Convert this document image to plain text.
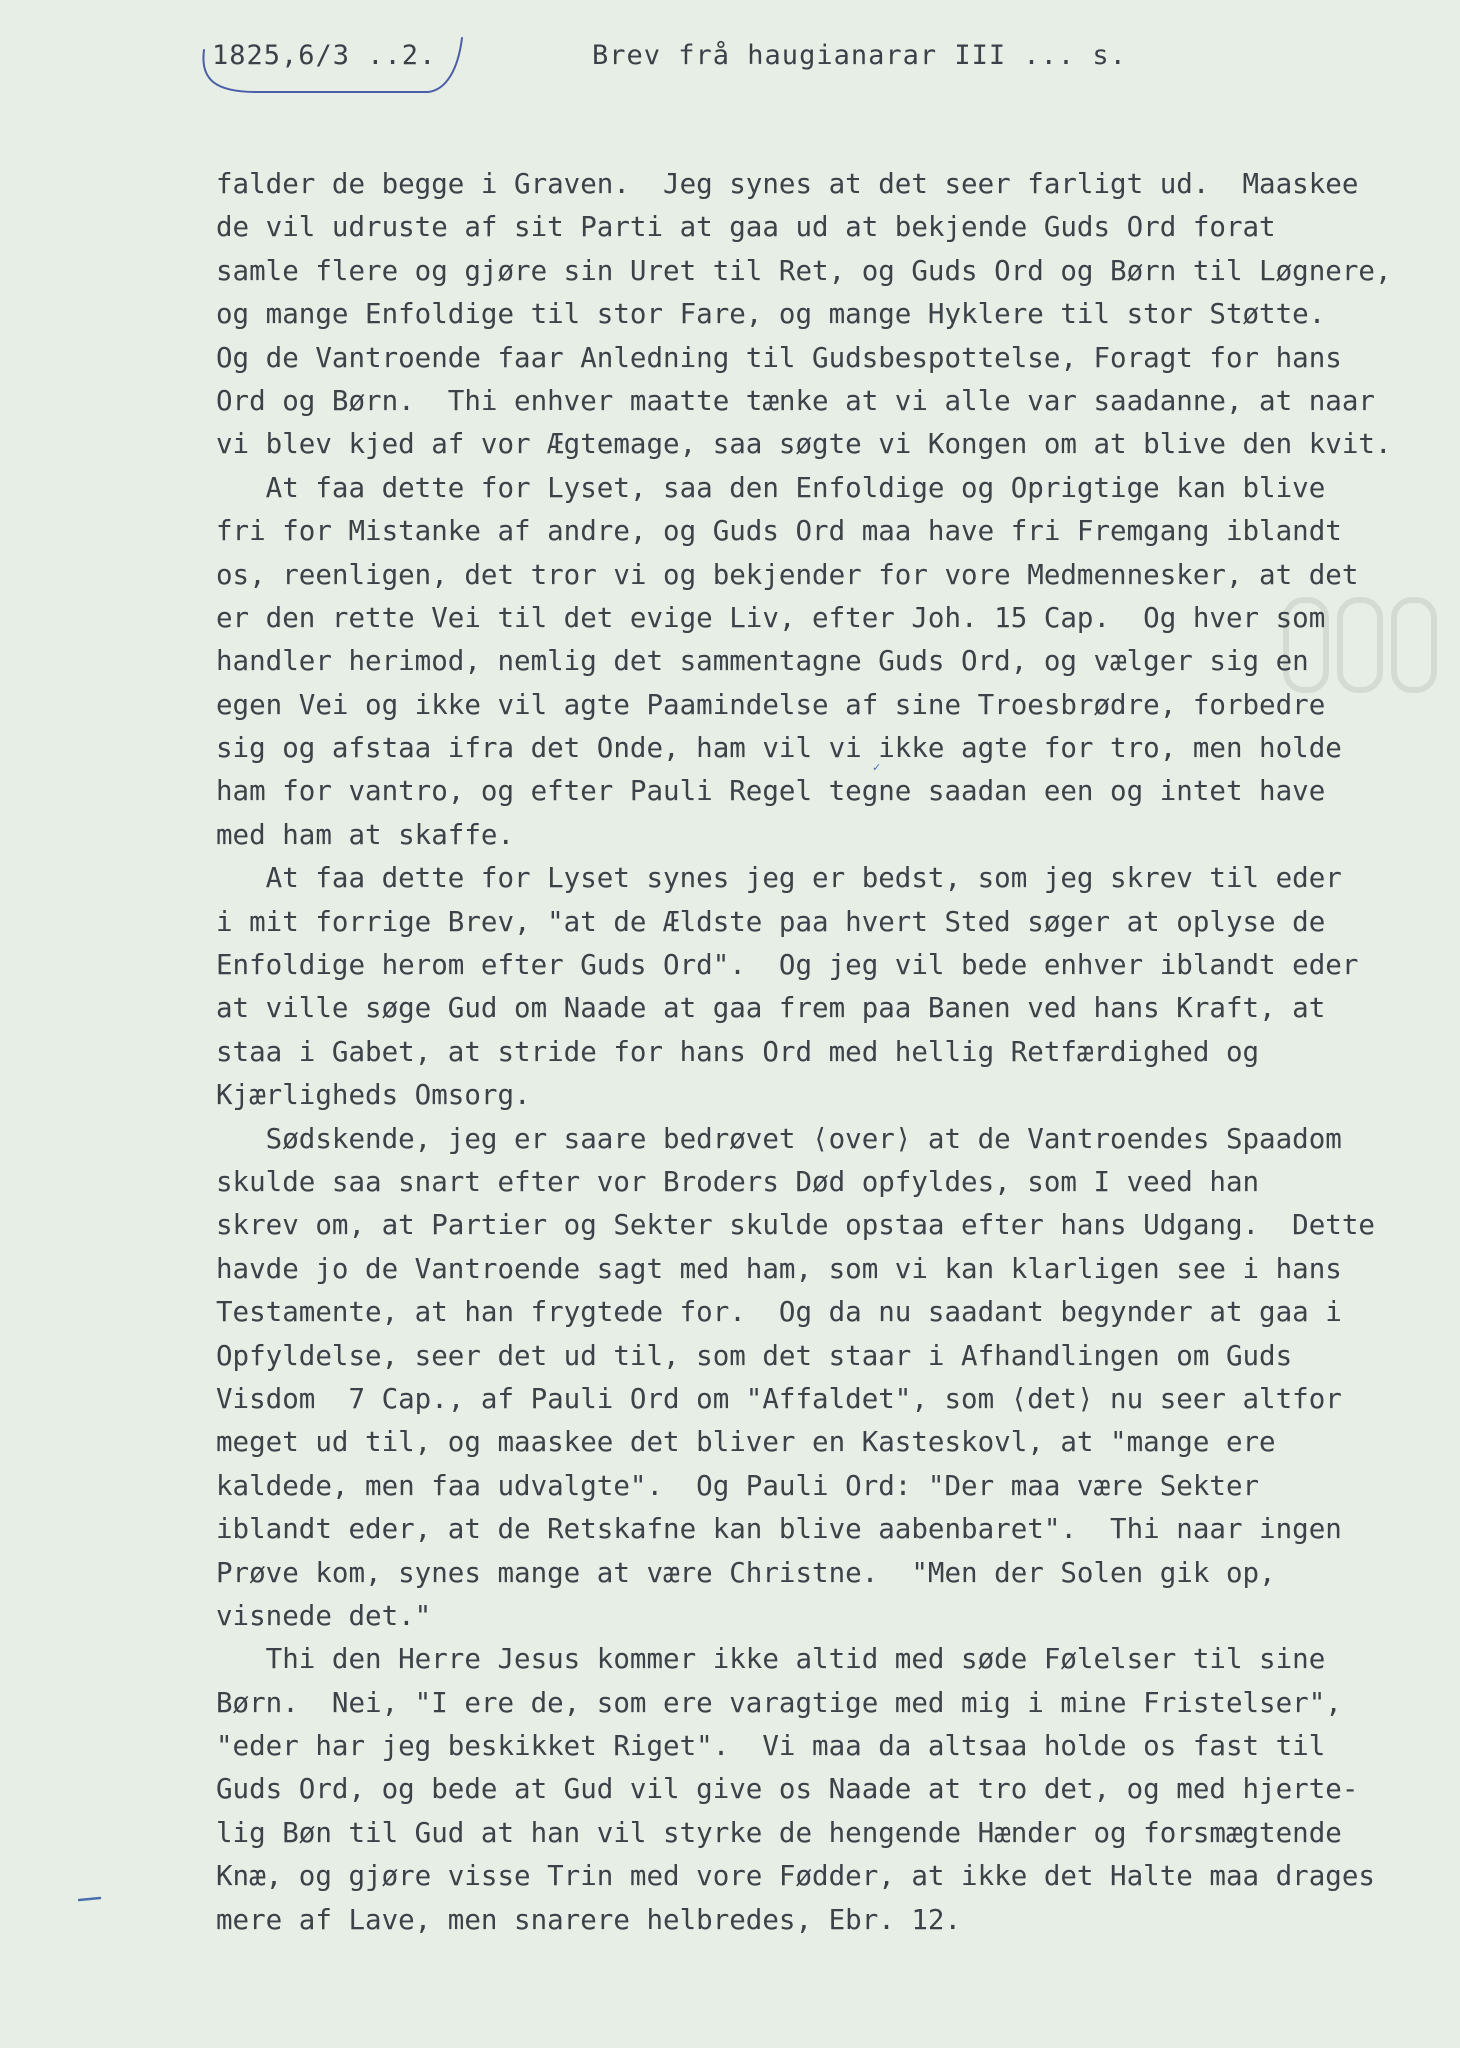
1825,6/3 ..2.	Brev frå haugianarar III ... s.
falder de begge i Graven.  Jeg synes at det seer farligt ud.  Maaskee
de vil udruste af sit Parti at gaa ud at bekjende Guds Ord forat
samle flere og gjøre sin Uret til Ret, og Guds Ord og Børn til Løgnere,
og mange Enfoldige til stor Fare, og mange Hyklere til stor Støtte.
Og de Vantroende faar Anledning til Gudsbespottelse, Foragt for hans
Ord og Børn.  Thi enhver maatte tænke at vi alle var saadanne, at naar
vi blev kjed af vor Ægtemage, saa søgte vi Kongen om at blive den kvit.
At faa dette for Lyset, saa den Enfoldige og Oprigtige kan blive
fri for Mistanke af andre, og Guds Ord maa have fri Fremgang iblandt
os, reenligen, det tror vi og bekjender for vore Medmennesker, at det
er den rette Vei til det evige Liv, efter Joh. 15 Cap.  Og hver som
handler herimod, nemlig det sammentagne Guds Ord, og vælger sig en
egen Vei og ikke vil agte Paamindelse af sine Troesbrødre, forbedre
sig og afstaa ifra det Onde, ham vil vi ikke agte for tro, men holde
ham for vantro, og efter Pauli Regel tegne saadan een og intet have
med ham at skaffe.
At faa dette for Lyset synes jeg er bedst, som jeg skrev til eder
i mit forrige Brev, "at de Ældste paa hvert Sted søger at oplyse de
Enfoldige herom efter Guds Ord".  Og jeg vil bede enhver iblandt eder
at ville søge Gud om Naade at gaa frem paa Banen ved hans Kraft, at
staa i Gabet, at stride for hans Ord med hellig Retfærdighed og
Kjærligheds Omsorg.
Sødskende, jeg er saare bedrøvet ⟨over⟩ at de Vantroendes Spaadom
skulde saa snart efter vor Broders Død opfyldes, som I veed han
skrev om, at Partier og Sekter skulde opstaa efter hans Udgang.  Dette
havde jo de Vantroende sagt med ham, som vi kan klarligen see i hans
Testamente, at han frygtede for.  Og da nu saadant begynder at gaa i
Opfyldelse, seer det ud til, som det staar i Afhandlingen om Guds
Visdom  7 Cap., af Pauli Ord om "Affaldet", som ⟨det⟩ nu seer altfor
meget ud til, og maaskee det bliver en Kasteskovl, at "mange ere
kaldede, men faa udvalgte".  Og Pauli Ord: "Der maa være Sekter
iblandt eder, at de Retskafne kan blive aabenbaret".  Thi naar ingen
Prøve kom, synes mange at være Christne.  "Men der Solen gik op,
visnede det."
Thi den Herre Jesus kommer ikke altid med søde Følelser til sine
Børn.  Nei, "I ere de, som ere varagtige med mig i mine Fristelser",
"eder har jeg beskikket Riget".  Vi maa da altsaa holde os fast til
Guds Ord, og bede at Gud vil give os Naade at tro det, og med hjerte-
lig Bøn til Gud at han vil styrke de hengende Hænder og forsmægtende
Knæ, og gjøre visse Trin med vore Fødder, at ikke det Halte maa drages
mere af Lave, men snarere helbredes, Ebr. 12.
✓
